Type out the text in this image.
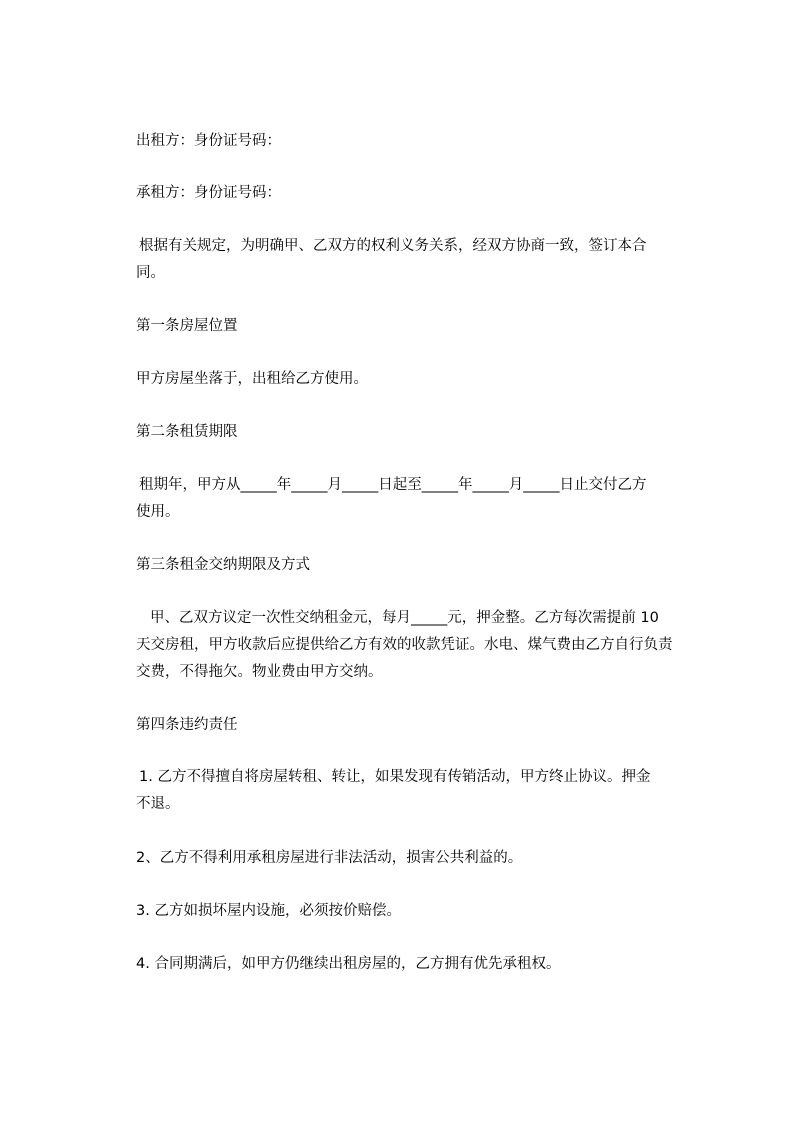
出租方：身份证号码：

承租方：身份证号码：

根据有关规定，为明确甲、乙双方的权利义务关系，经双方协商一致，签订本合
同。

第一条房屋位置

甲方房屋坐落于，出租给乙方使用。

第二条租赁期限

租期年，甲方从_____年_____月_____日起至_____年_____月_____日止交付乙方
使用。

第三条租金交纳期限及方式

甲、乙双方议定一次性交纳租金元，每月_____元，押金整。乙方每次需提前 10
天交房租，甲方收款后应提供给乙方有效的收款凭证。水电、煤气费由乙方自行负责
交费，不得拖欠。物业费由甲方交纳。

第四条违约责任

1. 乙方不得擅自将房屋转租、转让，如果发现有传销活动，甲方终止协议。押金
不退。

2、乙方不得利用承租房屋进行非法活动，损害公共利益的。

3. 乙方如损坏屋内设施，必须按价赔偿。

4. 合同期满后，如甲方仍继续出租房屋的，乙方拥有优先承租权。
